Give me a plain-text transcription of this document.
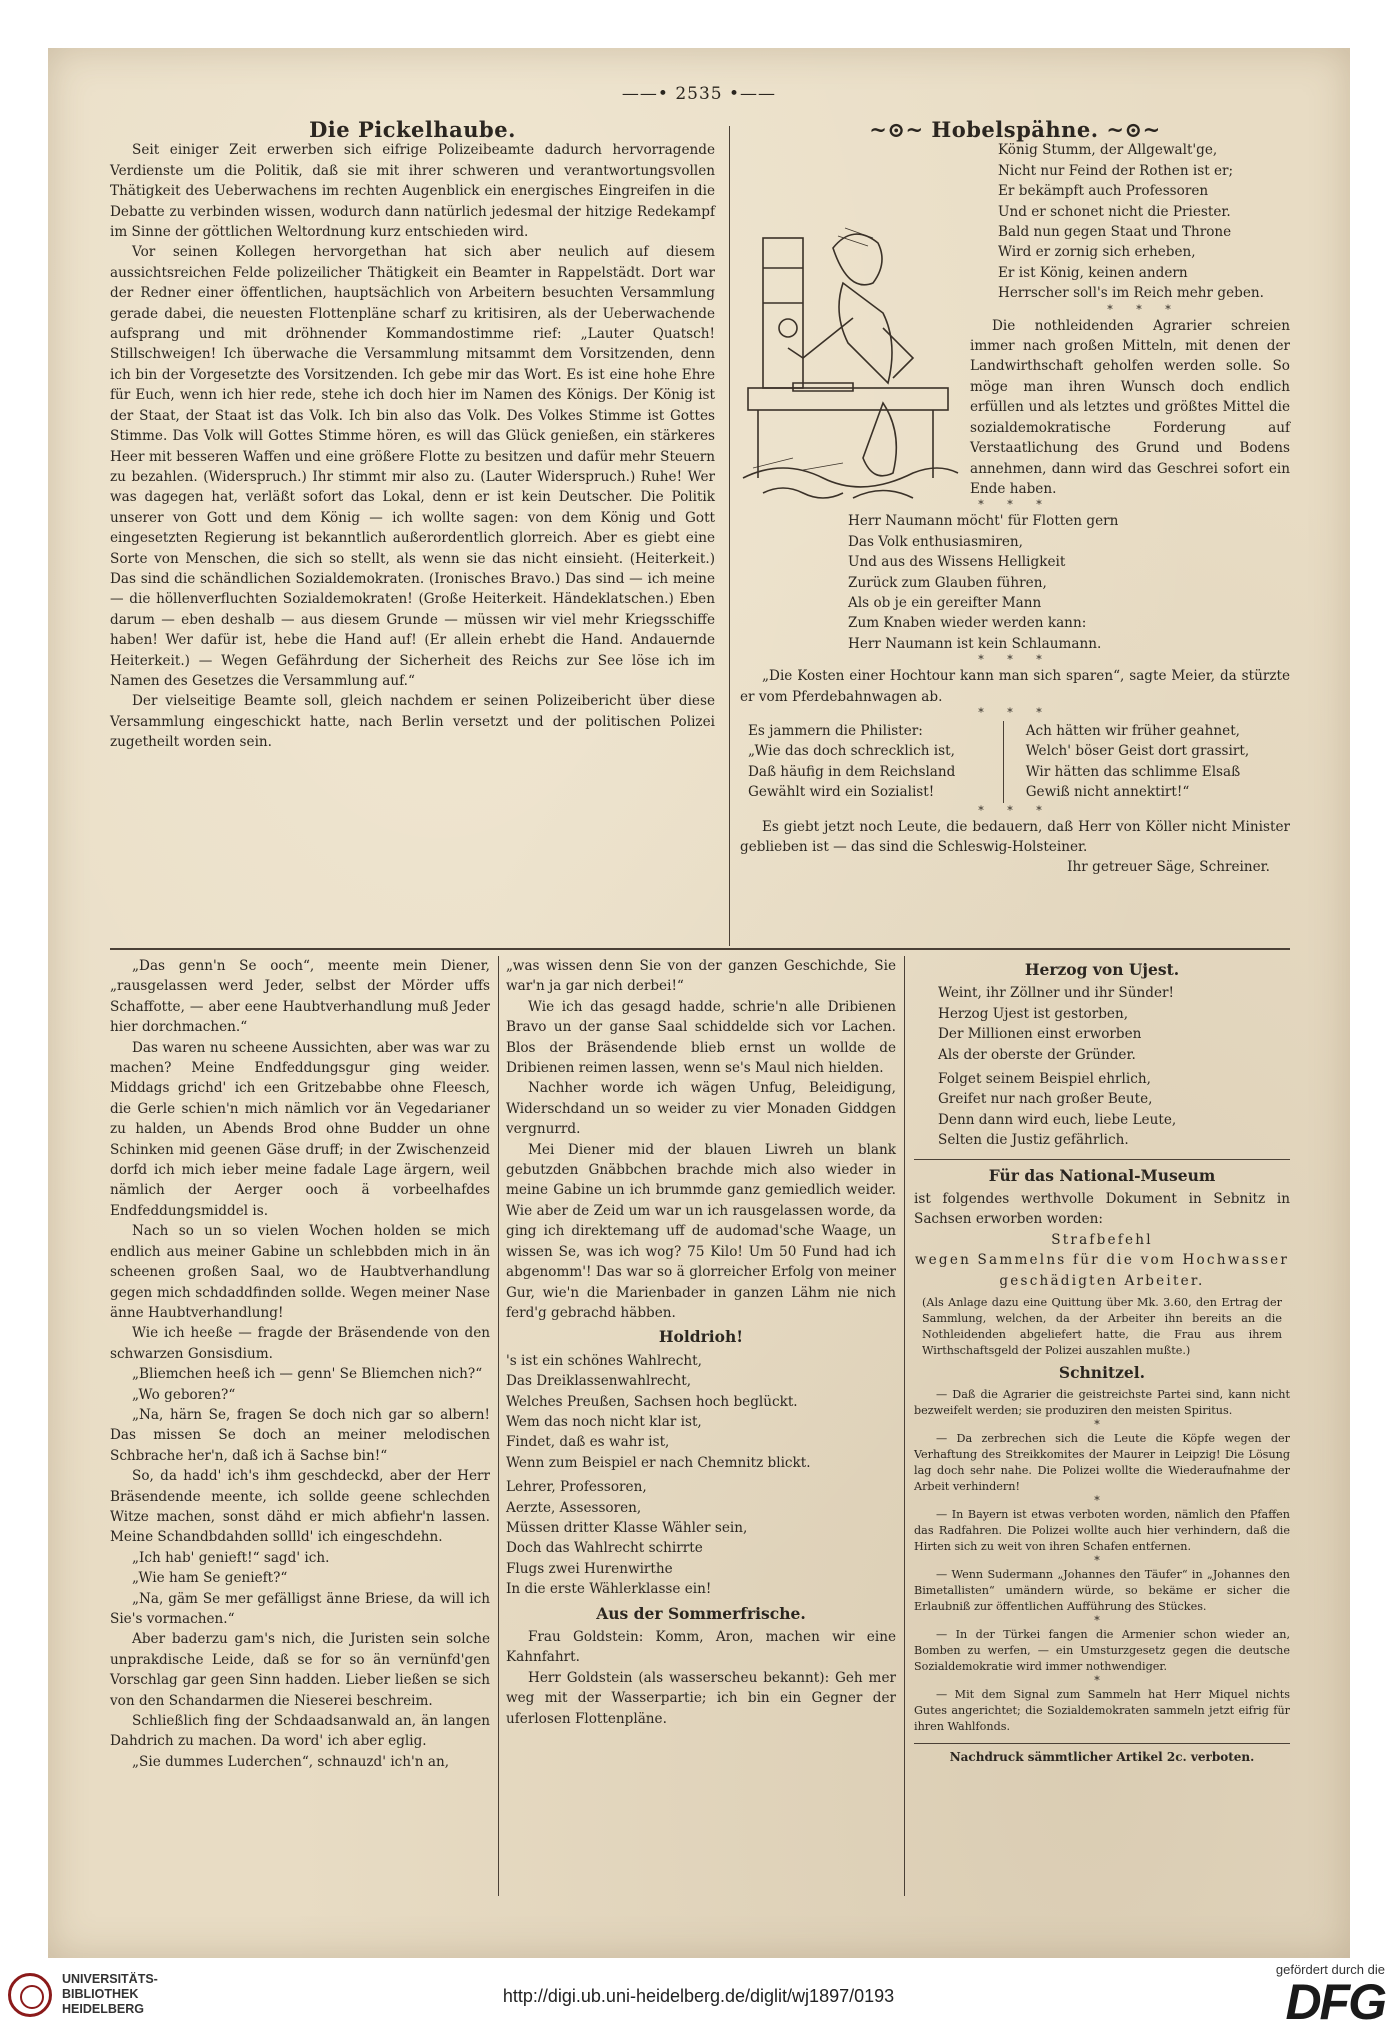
——• 2535 •——
Die Pickelhaube.

Seit einiger Zeit erwerben sich eifrige Polizeibeamte dadurch hervorragende Verdienste um die Politik, daß sie mit ihrer schweren und verantwortungsvollen Thätigkeit des Ueberwachens im rechten Augenblick ein energisches Eingreifen in die Debatte zu verbinden wissen, wodurch dann natürlich jedesmal der hitzige Redekampf im Sinne der göttlichen Weltordnung kurz entschieden wird.

Vor seinen Kollegen hervorgethan hat sich aber neulich auf diesem aussichtsreichen Felde polizeilicher Thätigkeit ein Beamter in Rappelstädt. Dort war der Redner einer öffentlichen, hauptsächlich von Arbeitern besuchten Versammlung gerade dabei, die neuesten Flottenpläne scharf zu kritisiren, als der Ueberwachende aufsprang und mit dröhnender Kommandostimme rief: „Lauter Quatsch! Stillschweigen! Ich überwache die Versammlung mitsammt dem Vorsitzenden, denn ich bin der Vorgesetzte des Vorsitzenden. Ich gebe mir das Wort. Es ist eine hohe Ehre für Euch, wenn ich hier rede, stehe ich doch hier im Namen des Königs. Der König ist der Staat, der Staat ist das Volk. Ich bin also das Volk. Des Volkes Stimme ist Gottes Stimme. Das Volk will Gottes Stimme hören, es will das Glück genießen, ein stärkeres Heer mit besseren Waffen und eine größere Flotte zu besitzen und dafür mehr Steuern zu bezahlen. (Widerspruch.) Ihr stimmt mir also zu. (Lauter Widerspruch.) Ruhe! Wer was dagegen hat, verläßt sofort das Lokal, denn er ist kein Deutscher. Die Politik unserer von Gott und dem König — ich wollte sagen: von dem König und Gott eingesetzten Regierung ist bekanntlich außerordentlich glorreich. Aber es giebt eine Sorte von Menschen, die sich so stellt, als wenn sie das nicht einsieht. (Heiterkeit.) Das sind die schändlichen Sozialdemokraten. (Ironisches Bravo.) Das sind — ich meine — die höllenverfluchten Sozialdemokraten! (Große Heiterkeit. Händeklatschen.) Eben darum — eben deshalb — aus diesem Grunde — müssen wir viel mehr Kriegsschiffe haben! Wer dafür ist, hebe die Hand auf! (Er allein erhebt die Hand. Andauernde Heiterkeit.) — Wegen Gefährdung der Sicherheit des Reichs zur See löse ich im Namen des Gesetzes die Versammlung auf.“

Der vielseitige Beamte soll, gleich nachdem er seinen Polizeibericht über diese Versammlung eingeschickt hatte, nach Berlin versetzt und der politischen Polizei zugetheilt worden sein.

~⊙~ Hobelspähne. ~⊙~
König Stumm, der Allgewalt'ge,
Nicht nur Feind der Rothen ist er;
Er bekämpft auch Professoren
Und er schonet nicht die Priester.
Bald nun gegen Staat und Throne
Wird er zornig sich erheben,
Er ist König, keinen andern
Herrscher soll's im Reich mehr geben.
* * *

Die nothleidenden Agrarier schreien immer nach großen Mitteln, mit denen der Landwirthschaft geholfen werden solle. So möge man ihren Wunsch doch endlich erfüllen und als letztes und größtes Mittel die sozialdemokratische Forderung auf Verstaatlichung des Grund und Bodens annehmen, dann wird das Geschrei sofort ein Ende haben.

* * *
Herr Naumann möcht' für Flotten gern
Das Volk enthusiasmiren,
Und aus des Wissens Helligkeit
Zurück zum Glauben führen,
Als ob je ein gereifter Mann
Zum Knaben wieder werden kann:
Herr Naumann ist kein Schlaumann.
* * *

„Die Kosten einer Hochtour kann man sich sparen“, sagte Meier, da stürzte er vom Pferdebahnwagen ab.

* * *
Es jammern die Philister:
„Wie das doch schrecklich ist,
Daß häufig in dem Reichsland
Gewählt wird ein Sozialist!
Ach hätten wir früher geahnet,
Welch' böser Geist dort grassirt,
Wir hätten das schlimme Elsaß
Gewiß nicht annektirt!“
* * *

Es giebt jetzt noch Leute, die bedauern, daß Herr von Köller nicht Minister geblieben ist — das sind die Schleswig-Holsteiner.

Ihr getreuer Säge, Schreiner.

„Das genn'n Se ooch“, meente mein Diener, „rausgelassen werd Jeder, selbst der Mörder uffs Schaffotte, — aber eene Haubtverhandlung muß Jeder hier dorchmachen.“

Das waren nu scheene Aussichten, aber was war zu machen? Meine Endfeddungsgur ging weider. Middags grichd' ich een Gritzebabbe ohne Fleesch, die Gerle schien'n mich nämlich vor än Vegedarianer zu halden, un Abends Brod ohne Budder un ohne Schinken mid geenen Gäse druff; in der Zwischenzeid dorfd ich mich ieber meine fadale Lage ärgern, weil nämlich der Aerger ooch ä vorbeelhafdes Endfeddungsmiddel is.

Nach so un so vielen Wochen holden se mich endlich aus meiner Gabine un schlebbden mich in än scheenen großen Saal, wo de Haubtverhandlung gegen mich schdaddfinden sollde. Wegen meiner Nase änne Haubtverhandlung!

Wie ich heeße — fragde der Bräsendende von den schwarzen Gonsisdium.

„Bliemchen heeß ich — genn' Se Bliemchen nich?“

„Wo geboren?“

„Na, härn Se, fragen Se doch nich gar so albern! Das missen Se doch an meiner melodischen Schbrache her'n, daß ich ä Sachse bin!“

So, da hadd' ich's ihm geschdeckd, aber der Herr Bräsendende meente, ich sollde geene schlechden Witze machen, sonst dähd er mich abfiehr'n lassen. Meine Schandbdahden sollld' ich eingeschdehn.

„Ich hab' genieft!“ sagd' ich.

„Wie ham Se genieft?“

„Na, gäm Se mer gefälligst änne Briese, da will ich Sie's vormachen.“

Aber baderzu gam's nich, die Juristen sein solche unprakdische Leide, daß se for so än vernünfd'gen Vorschlag gar geen Sinn hadden. Lieber ließen se sich von den Schandarmen die Nieserei beschreim.

Schließlich fing der Schdaadsanwald an, än langen Dahdrich zu machen. Da word' ich aber eglig.

„Sie dummes Luderchen“, schnauzd' ich'n an,

„was wissen denn Sie von der ganzen Geschichde, Sie war'n ja gar nich derbei!“

Wie ich das gesagd hadde, schrie'n alle Dribienen Bravo un der ganse Saal schiddelde sich vor Lachen. Blos der Bräsendende blieb ernst un wollde de Dribienen reimen lassen, wenn se's Maul nich hielden.

Nachher worde ich wägen Unfug, Beleidigung, Widerschdand un so weider zu vier Monaden Giddgen vergnurrd.

Mei Diener mid der blauen Liwreh un blank gebutzden Gnäbbchen brachde mich also wieder in meine Gabine un ich brummde ganz gemiedlich weider. Wie aber de Zeid um war un ich rausgelassen worde, da ging ich direktemang uff de audomad'sche Waage, un wissen Se, was ich wog? 75 Kilo! Um 50 Fund had ich abgenomm'! Das war so ä glorreicher Erfolg von meiner Gur, wie'n die Marienbader in ganzen Lähm nie nich ferd'g gebrachd häbben.

Holdrioh!
's ist ein schönes Wahlrecht,
Das Dreiklassenwahlrecht,
Welches Preußen, Sachsen hoch beglückt.
Wem das noch nicht klar ist,
Findet, daß es wahr ist,
Wenn zum Beispiel er nach Chemnitz blickt.
Lehrer, Professoren,
Aerzte, Assessoren,
Müssen dritter Klasse Wähler sein,
Doch das Wahlrecht schirrte
Flugs zwei Hurenwirthe
In die erste Wählerklasse ein!
Aus der Sommerfrische.

Frau Goldstein: Komm, Aron, machen wir eine Kahnfahrt.

Herr Goldstein (als wasserscheu bekannt): Geh mer weg mit der Wasserpartie; ich bin ein Gegner der uferlosen Flottenpläne.

Herzog von Ujest.
Weint, ihr Zöllner und ihr Sünder!
Herzog Ujest ist gestorben,
Der Millionen einst erworben
Als der oberste der Gründer.
Folget seinem Beispiel ehrlich,
Greifet nur nach großer Beute,
Denn dann wird euch, liebe Leute,
Selten die Justiz gefährlich.
Für das National-Museum

ist folgendes werthvolle Dokument in Sebnitz in Sachsen erworben worden:

Strafbefehl
wegen Sammelns für die vom Hochwasser
geschädigten Arbeiter.
(Als Anlage dazu eine Quittung über Mk. 3.60, den Ertrag der Sammlung, welchen, da der Arbeiter ihn bereits an die Nothleidenden abgeliefert hatte, die Frau aus ihrem Wirthschaftsgeld der Polizei auszahlen mußte.)
Schnitzel.

— Daß die Agrarier die geistreichste Partei sind, kann nicht bezweifelt werden; sie produziren den meisten Spiritus.

*

— Da zerbrechen sich die Leute die Köpfe wegen der Verhaftung des Streikkomites der Maurer in Leipzig! Die Lösung lag doch sehr nahe. Die Polizei wollte die Wiederaufnahme der Arbeit verhindern!

*

— In Bayern ist etwas verboten worden, nämlich den Pfaffen das Radfahren. Die Polizei wollte auch hier verhindern, daß die Hirten sich zu weit von ihren Schafen entfernen.

*

— Wenn Sudermann „Johannes den Täufer“ in „Johannes den Bimetallisten“ umändern würde, so bekäme er sicher die Erlaubniß zur öffentlichen Aufführung des Stückes.

*

— In der Türkei fangen die Armenier schon wieder an, Bomben zu werfen, — ein Umsturzgesetz gegen die deutsche Sozialdemokratie wird immer nothwendiger.

*

— Mit dem Signal zum Sammeln hat Herr Miquel nichts Gutes angerichtet; die Sozialdemokraten sammeln jetzt eifrig für ihren Wahlfonds.

Nachdruck sämmtlicher Artikel 2c. verboten.
UNIVERSITÄTS-
BIBLIOTHEK
HEIDELBERG
http://digi.ub.uni-heidelberg.de/diglit/wj1897/0193
gefördert durch die
DFG
